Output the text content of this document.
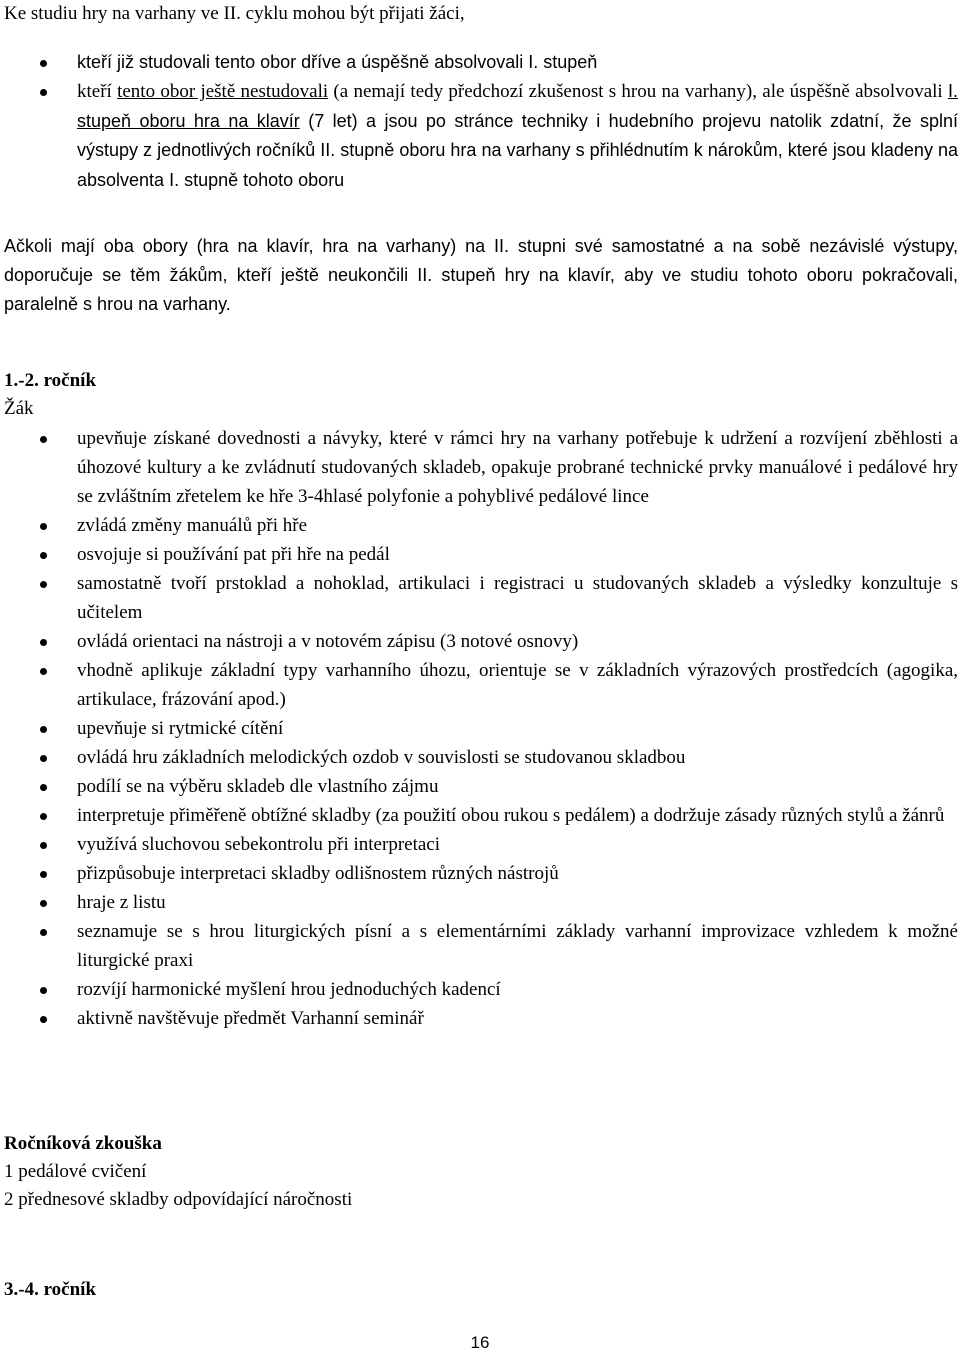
Ke studiu hry na varhany ve II. cyklu mohou být přijati žáci,

kteří již studovali tento obor dříve a úspěšně absolvovali I. stupeň
kteří tento obor ještě nestudovali (a nemají tedy předchozí zkušenost s hrou na varhany), ale úspěšně absolvovali I. stupeň oboru hra na klavír (7 let) a jsou po stránce techniky i hudebního projevu natolik zdatní, že splní výstupy z jednotlivých ročníků II. stupně oboru hra na varhany s přihlédnutím k nárokům, které jsou kladeny na absolventa I. stupně tohoto oboru

Ačkoli mají oba obory (hra na klavír, hra na varhany) na II. stupni své samostatné a na sobě nezávislé výstupy, doporučuje se těm žákům, kteří ještě neukončili II. stupeň hry na klavír, aby ve studiu tohoto oboru pokračovali, paralelně s hrou na varhany.

1.-2. ročník

Žák

upevňuje získané dovednosti a návyky, které v rámci hry na varhany potřebuje k udržení a rozvíjení zběhlosti a úhozové kultury a ke zvládnutí studovaných skladeb, opakuje probrané technické prvky manuálové i pedálové hry se zvláštním zřetelem ke hře 3-4hlasé polyfonie a pohyblivé pedálové lince
zvládá změny manuálů při hře
osvojuje si používání pat při hře na pedál
samostatně tvoří prstoklad a nohoklad, artikulaci i registraci u studovaných skladeb a výsledky konzultuje s učitelem
ovládá orientaci na nástroji a v notovém zápisu (3 notové osnovy)
vhodně aplikuje základní typy varhanního úhozu, orientuje se v základních výrazových prostředcích (agogika, artikulace, frázování apod.)
upevňuje si rytmické cítění
ovládá hru základních melodických ozdob v souvislosti se studovanou skladbou
podílí se na výběru skladeb dle vlastního zájmu
interpretuje přiměřeně obtížné skladby (za použití obou rukou s pedálem) a dodržuje zásady různých stylů a žánrů
využívá sluchovou sebekontrolu při interpretaci
přizpůsobuje interpretaci skladby odlišnostem různých nástrojů
hraje z listu
seznamuje se s hrou liturgických písní a s elementárními základy varhanní improvizace vzhledem k možné liturgické praxi
rozvíjí harmonické myšlení hrou jednoduchých kadencí
aktivně navštěvuje předmět Varhanní seminář

Ročníková zkouška

1 pedálové cvičení

2 přednesové skladby odpovídající náročnosti

3.-4. ročník

16
